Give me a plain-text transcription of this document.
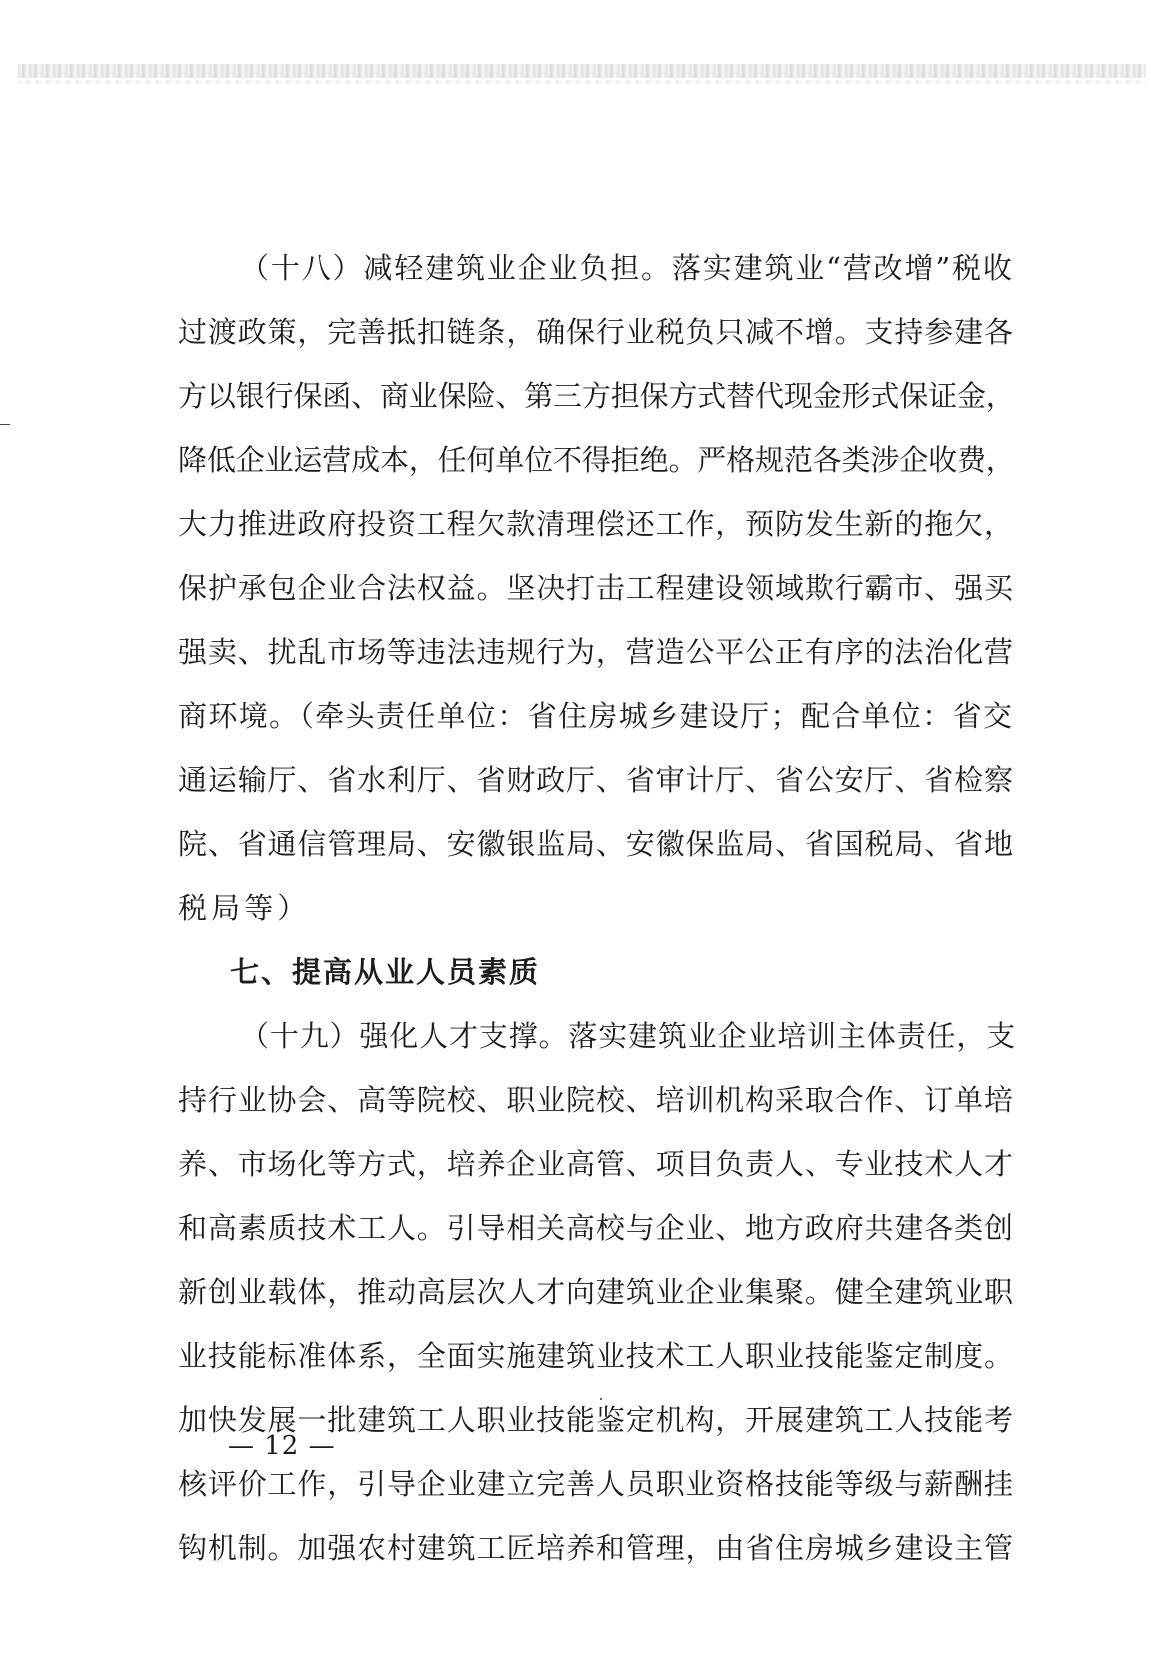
（十八）减轻建筑业企业负担。落实建筑业“营改增”税收
过渡政策，完善抵扣链条，确保行业税负只减不增。支持参建各
方以银行保函、商业保险、第三方担保方式替代现金形式保证金，
降低企业运营成本，任何单位不得拒绝。严格规范各类涉企收费，
大力推进政府投资工程欠款清理偿还工作，预防发生新的拖欠，
保护承包企业合法权益。坚决打击工程建设领域欺行霸市、强买
强卖、扰乱市场等违法违规行为，营造公平公正有序的法治化营
商环境。（牵头责任单位：省住房城乡建设厅；配合单位：省交
通运输厅、省水利厅、省财政厅、省审计厅、省公安厅、省检察
院、省通信管理局、安徽银监局、安徽保监局、省国税局、省地
税局等）
七、提高从业人员素质
（十九）强化人才支撑。落实建筑业企业培训主体责任，支
持行业协会、高等院校、职业院校、培训机构采取合作、订单培
养、市场化等方式，培养企业高管、项目负责人、专业技术人才
和高素质技术工人。引导相关高校与企业、地方政府共建各类创
新创业载体，推动高层次人才向建筑业企业集聚。健全建筑业职
业技能标准体系，全面实施建筑业技术工人职业技能鉴定制度。
加快发展一批建筑工人职业技能鉴定机构，开展建筑工人技能考
核评价工作，引导企业建立完善人员职业资格技能等级与薪酬挂
钩机制。加强农村建筑工匠培养和管理，由省住房城乡建设主管
— 12 —
